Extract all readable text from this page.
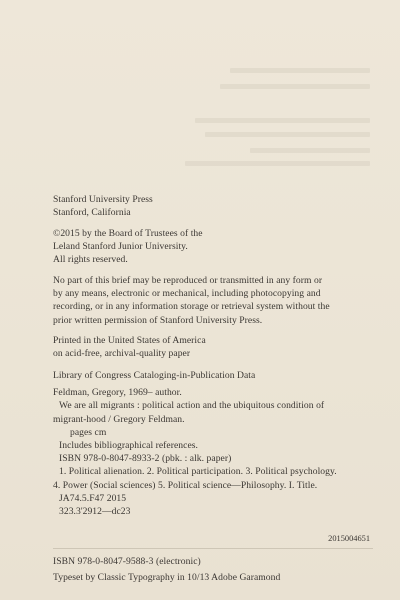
Stanford University Press
Stanford, California
©2015 by the Board of Trustees of the
Leland Stanford Junior University.
All rights reserved.
No part of this brief may be reproduced or transmitted in any form or
by any means, electronic or mechanical, including photocopying and
recording, or in any information storage or retrieval system without the
prior written permission of Stanford University Press.
Printed in the United States of America
on acid-free, archival-quality paper
Library of Congress Cataloging-in-Publication Data
Feldman, Gregory, 1969– author.
We are all migrants : political action and the ubiquitous condition of
migrant-hood / Gregory Feldman.
pages cm
Includes bibliographical references.
ISBN 978-0-8047-8933-2 (pbk. : alk. paper)
1. Political alienation. 2. Political participation. 3. Political psychology.
4. Power (Social sciences) 5. Political science—Philosophy. I. Title.
JA74.5.F47 2015
323.3'2912—dc23
2015004651
ISBN 978-0-8047-9588-3 (electronic)
Typeset by Classic Typography in 10/13 Adobe Garamond
